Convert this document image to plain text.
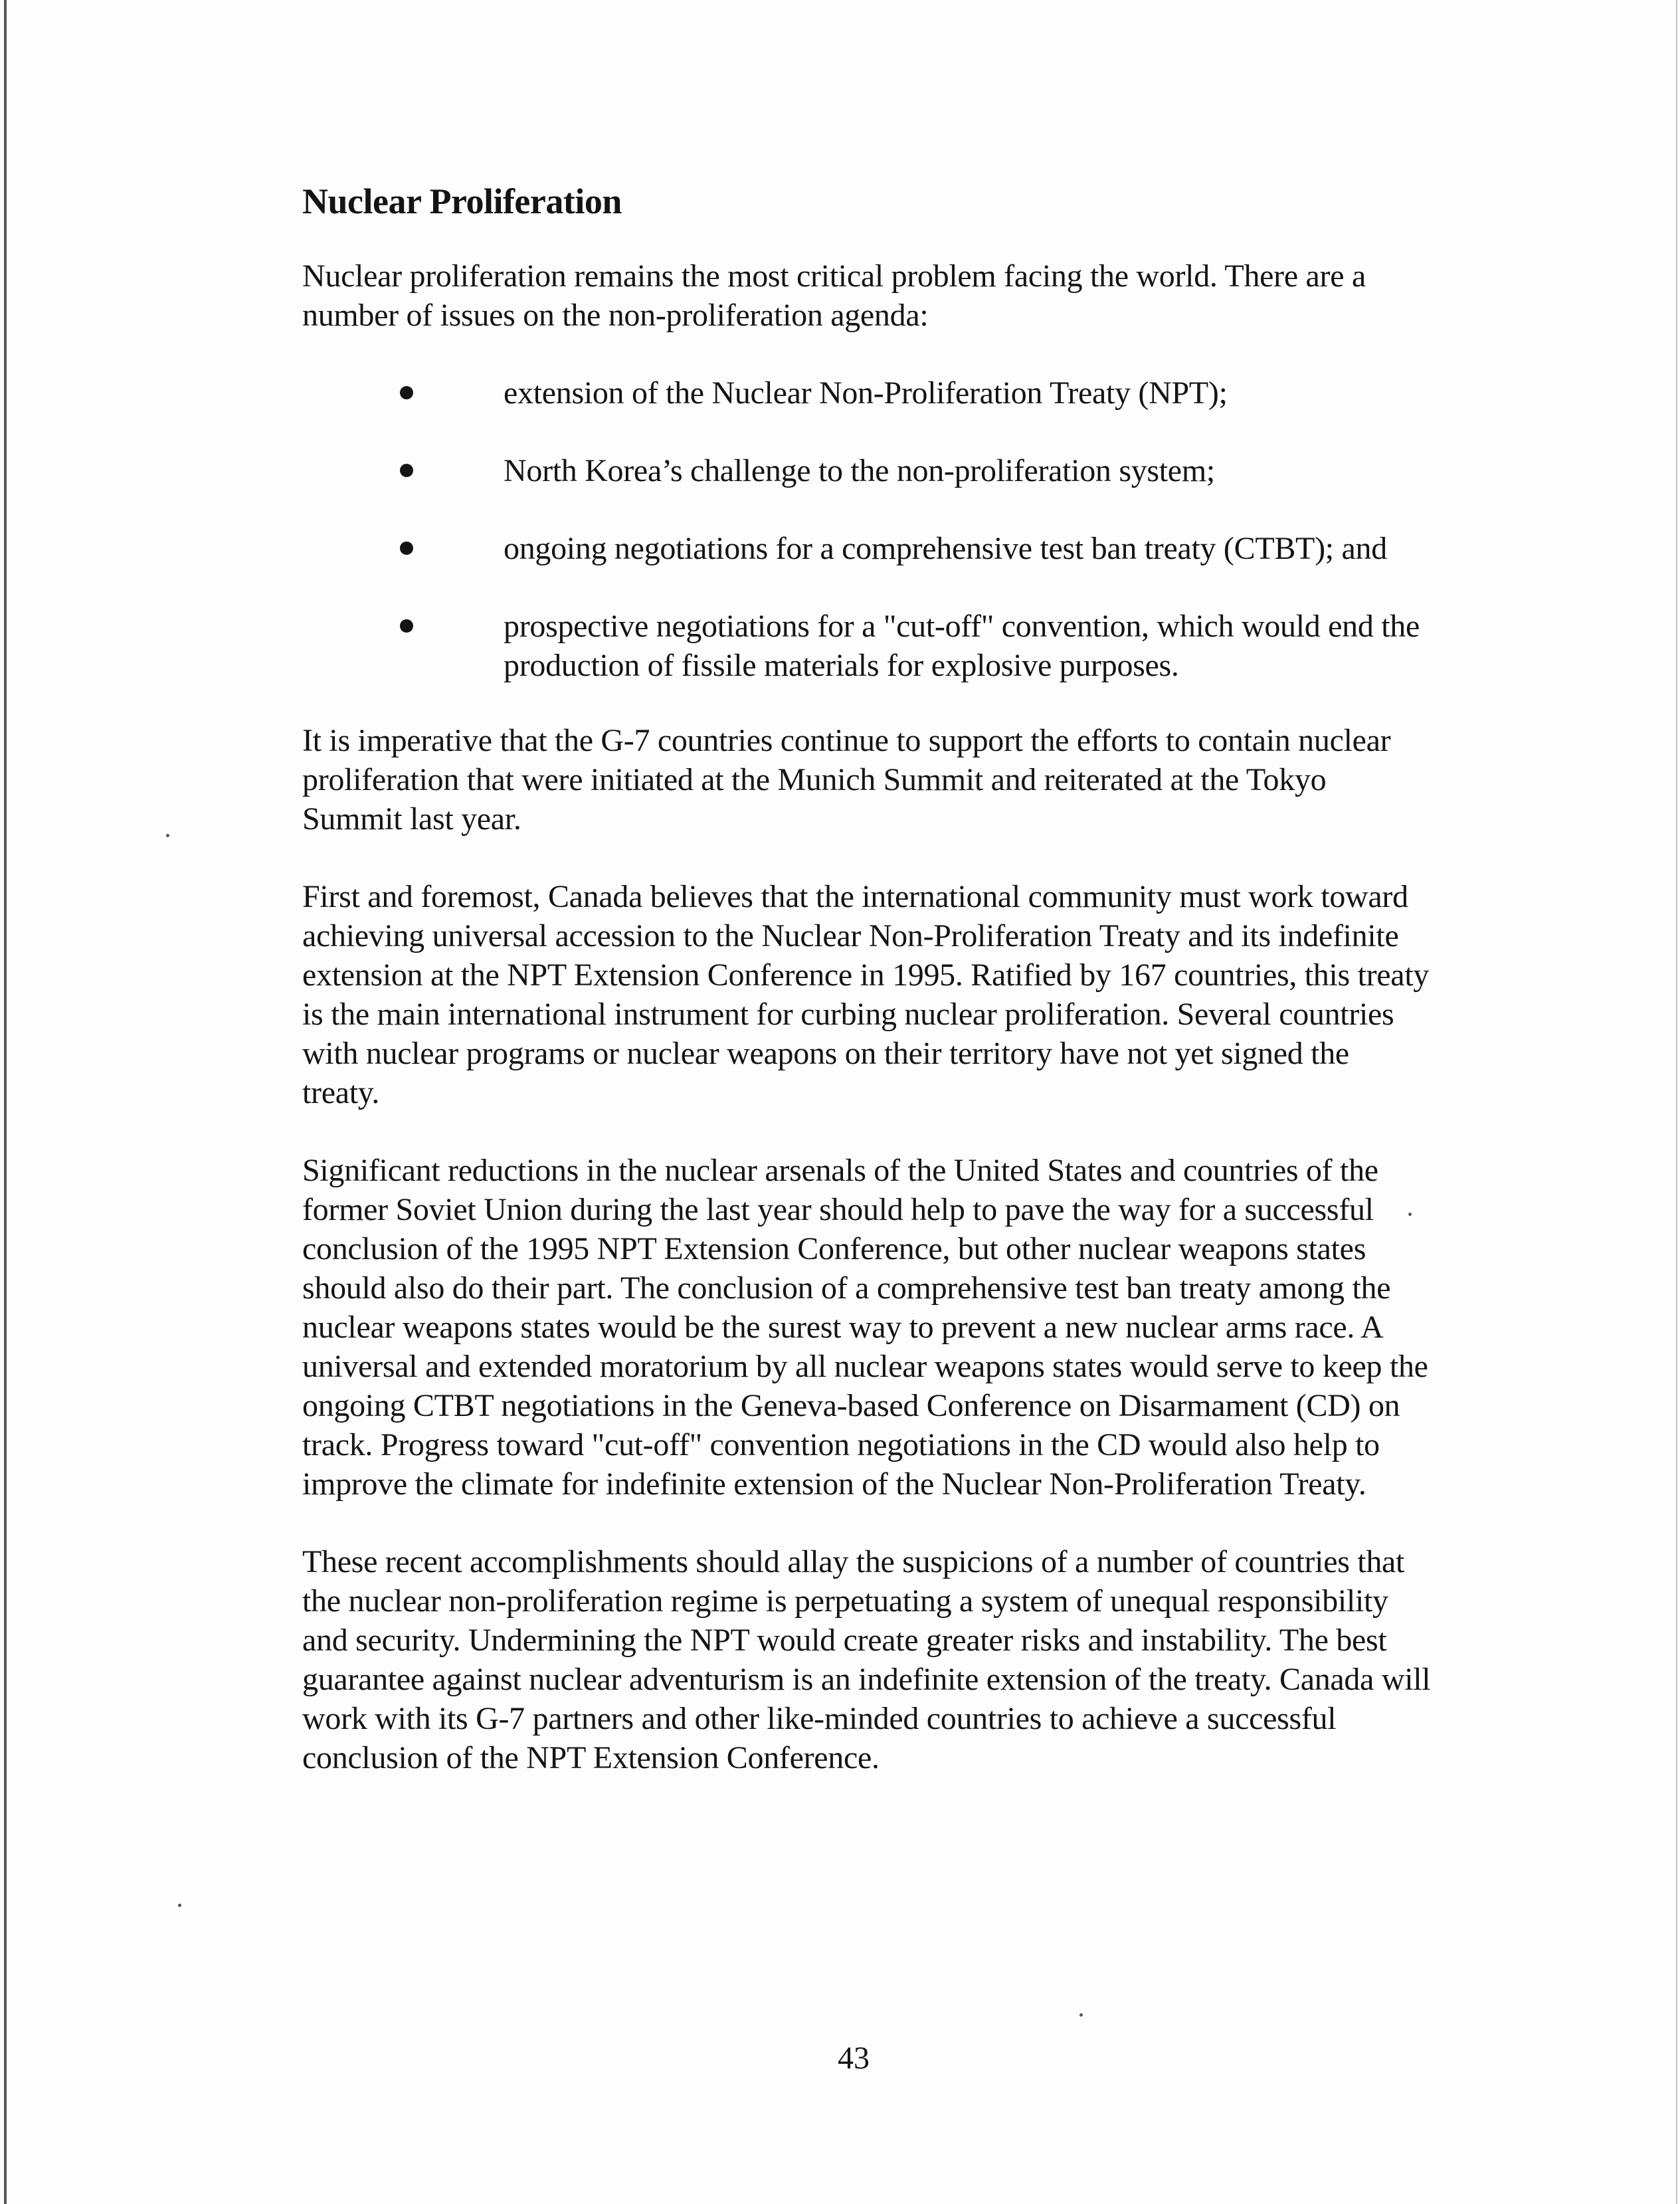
Nuclear Proliferation

Nuclear proliferation remains the most critical problem facing the world. There are a number of issues on the non-proliferation agenda:

extension of the Nuclear Non-Proliferation Treaty (NPT);
North Korea’s challenge to the non-proliferation system;
ongoing negotiations for a comprehensive test ban treaty (CTBT); and
prospective negotiations for a "cut-off" convention, which would end the production of fissile materials for explosive purposes.

It is imperative that the G-7 countries continue to support the efforts to contain nuclear proliferation that were initiated at the Munich Summit and reiterated at the Tokyo Summit last year.

First and foremost, Canada believes that the international community must work toward achieving universal accession to the Nuclear Non-Proliferation Treaty and its indefinite extension at the NPT Extension Conference in 1995. Ratified by 167 countries, this treaty is the main international instrument for curbing nuclear proliferation. Several countries with nuclear programs or nuclear weapons on their territory have not yet signed the treaty.

Significant reductions in the nuclear arsenals of the United States and countries of the former Soviet Union during the last year should help to pave the way for a successful conclusion of the 1995 NPT Extension Conference, but other nuclear weapons states should also do their part. The conclusion of a comprehensive test ban treaty among the nuclear weapons states would be the surest way to prevent a new nuclear arms race. A universal and extended moratorium by all nuclear weapons states would serve to keep the ongoing CTBT negotiations in the Geneva-based Conference on Disarmament (CD) on track. Progress toward "cut-off" convention negotiations in the CD would also help to improve the climate for indefinite extension of the Nuclear Non-Proliferation Treaty.

These recent accomplishments should allay the suspicions of a number of countries that the nuclear non-proliferation regime is perpetuating a system of unequal responsibility and security. Undermining the NPT would create greater risks and instability. The best guarantee against nuclear adventurism is an indefinite extension of the treaty. Canada will work with its G-7 partners and other like-minded countries to achieve a successful conclusion of the NPT Extension Conference.

43
